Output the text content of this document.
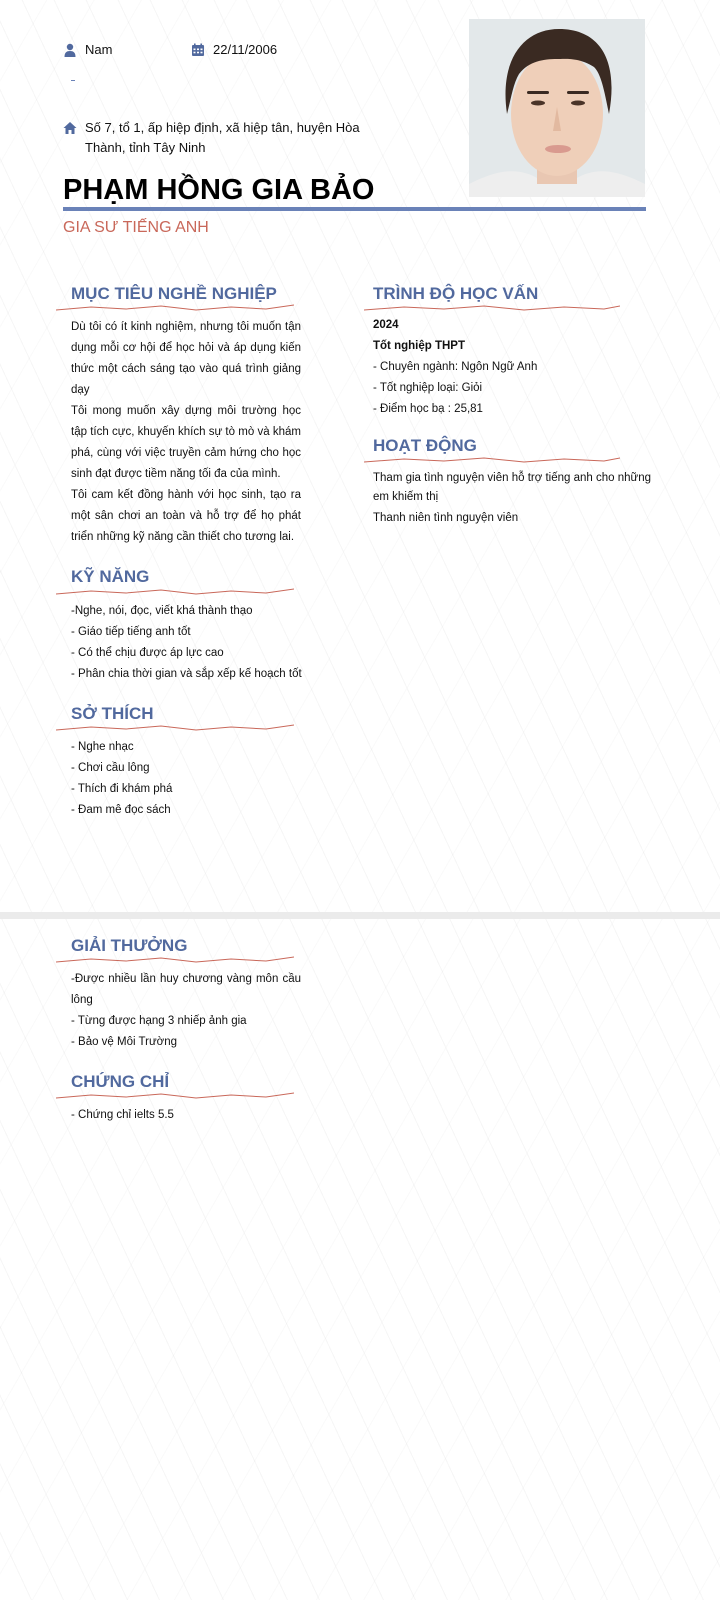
Nam	22/11/2006
Số 7, tổ 1, ấp hiệp định, xã hiệp tân, huyện Hòa Thành, tỉnh Tây Ninh
PHẠM HỒNG GIA BẢO
GIA SƯ TIẾNG ANH
MỤC TIÊU NGHỀ NGHIỆP

Dù tôi có ít kinh nghiệm, nhưng tôi muốn tận dụng mỗi cơ hội để học hỏi và áp dụng kiến thức một cách sáng tạo vào quá trình giảng dạy

Tôi mong muốn xây dựng môi trường học tập tích cực, khuyến khích sự tò mò và khám phá, cùng với việc truyền cảm hứng cho học sinh đạt được tiềm năng tối đa của mình.

Tôi cam kết đồng hành với học sinh, tạo ra một sân chơi an toàn và hỗ trợ để họ phát triển những kỹ năng cần thiết cho tương lai.

KỸ NĂNG
-Nghe, nói, đọc, viết khá thành thạo
- Giáo tiếp tiếng anh tốt
- Có thể chịu được áp lực cao
- Phân chia thời gian và sắp xếp kế hoạch tốt
SỞ THÍCH
- Nghe nhạc
- Chơi cầu lông
- Thích đi khám phá
- Đam mê đọc sách
TRÌNH ĐỘ HỌC VẤN
2024
Tốt nghiệp THPT
- Chuyên ngành: Ngôn Ngữ Anh
- Tốt nghiệp loại: Giỏi
- Điểm học bạ : 25,81
HOẠT ĐỘNG
Tham gia tình nguyện viên hỗ trợ tiếng anh cho những em khiếm thị
Thanh niên tình nguyện viên
GIẢI THƯỞNG
-Được nhiều lần huy chương vàng môn cầu lông
- Từng được hạng 3 nhiếp ảnh gia
- Bảo vệ Môi Trường
CHỨNG CHỈ
- Chứng chỉ ielts 5.5
